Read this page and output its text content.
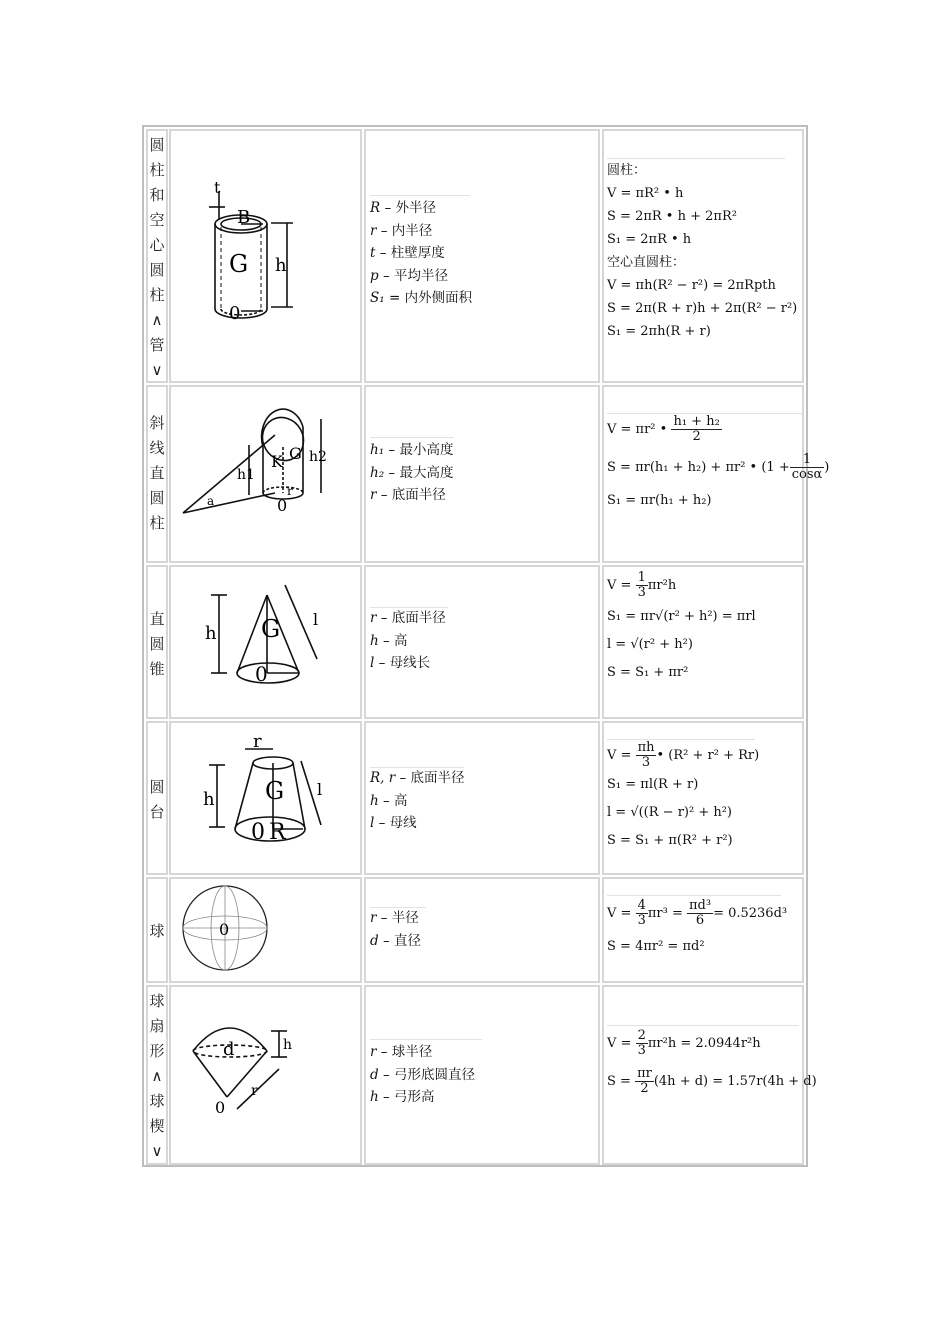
圆
柱
和
空
心
圆
柱
∧
管
∨
t
B
G h
0
R – 外半径
r – 内半径
t – 柱壁厚度
p – 平均半径
S₁ = 内外侧面积
圆柱：
V = πR² • h
S = 2πR • h + 2πR²
S₁ = 2πR • h
空心直圆柱：
V = πh(R² − r²) = 2πRpth
S = 2π(R + r)h + 2π(R² − r²)
S₁ = 2πh(R + r)
斜
线
直
圆
柱
a
h1
K G h2
r
0
h₁ – 最小高度
h₂ – 最大高度
r – 底面半径
V = πr² • $\frac{\text{h₁ + h₂}}{2}$
S = πr(h₁ + h₂) + πr² • ($1 + \frac{1}{\cos\alpha}$ )
S₁ = πr(h₁ + h₂)
直
圆
锥
G
h
l
0
r – 底面半径
h – 高
l – 母线长
$V = \frac{1}{3} \pi r^2h$
S₁ = πr√(r² + h²) = πrl
l = √(r² + h²)
S = S₁ + πr²
圆
台
r
h G l
0 R
R, r – 底面半径
h – 高
l – 母线
$V = \frac{\pi h}{3}$ • (R² + r² + Rr)
S₁ = πl(R + r)
l = √((R − r)² + h²)
S = S₁ + π(R² + r²)
球	0
r – 半径
d – 直径
$V = \frac{4}{3} \pi r^3 = \frac{\text{πd³}}{6} = 0.5236d^3$
S = 4πr² = πd²
球
扇
形
∧
球
楔
∨
d	h
r
0
r – 球半径
d – 弓形底圆直径
h – 弓形高
$V = \frac{2}{3} \pi r^2h = 2.0944r^2h$
$S = \frac{\pi r}{2} (4h + d) = 1.57r(4h + d)$
